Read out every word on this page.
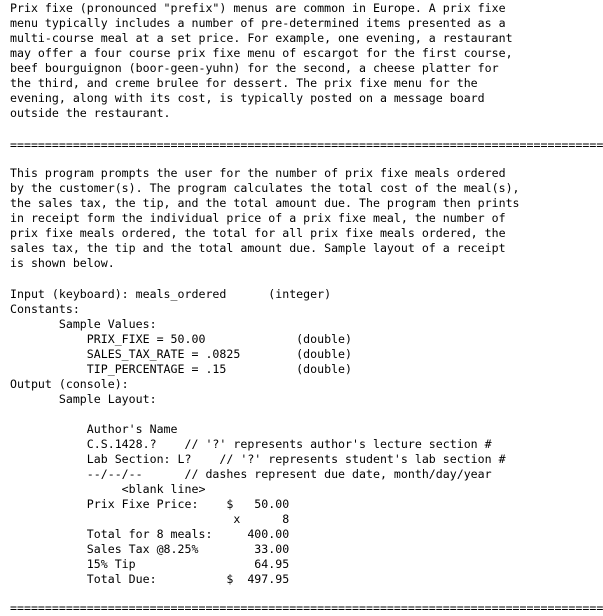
Prix fixe (pronounced "prefix") menus are common in Europe. A prix fixe
menu typically includes a number of pre-determined items presented as a
multi-course meal at a set price. For example, one evening, a restaurant
may offer a four course prix fixe menu of escargot for the first course,
beef bourguignon (boor-geen-yuhn) for the second, a cheese platter for
the third, and creme brulee for dessert. The prix fixe menu for the
evening, along with its cost, is typically posted on a message board
outside the restaurant.
=====================================================================================
This program prompts the user for the number of prix fixe meals ordered
by the customer(s). The program calculates the total cost of the meal(s),
the sales tax, the tip, and the total amount due. The program then prints
in receipt form the individual price of a prix fixe meal, the number of
prix fixe meals ordered, the total for all prix fixe meals ordered, the
sales tax, the tip and the total amount due. Sample layout of a receipt
is shown below.
Input (keyboard): meals_ordered      (integer)
Constants:
Sample Values:
PRIX_FIXE = 50.00             (double)
SALES_TAX_RATE = .0825        (double)
TIP_PERCENTAGE = .15          (double)
Output (console):
Sample Layout:
Author's Name
C.S.1428.?    // '?' represents author's lecture section #
Lab Section: L?    // '?' represents student's lab section #
--/--/--      // dashes represent due date, month/day/year
<blank line>
Prix Fixe Price:    $   50.00
x      8
Total for 8 meals:     400.00
Sales Tax @8.25%        33.00
15% Tip                 64.95
Total Due:          $  497.95
=====================================================================================
